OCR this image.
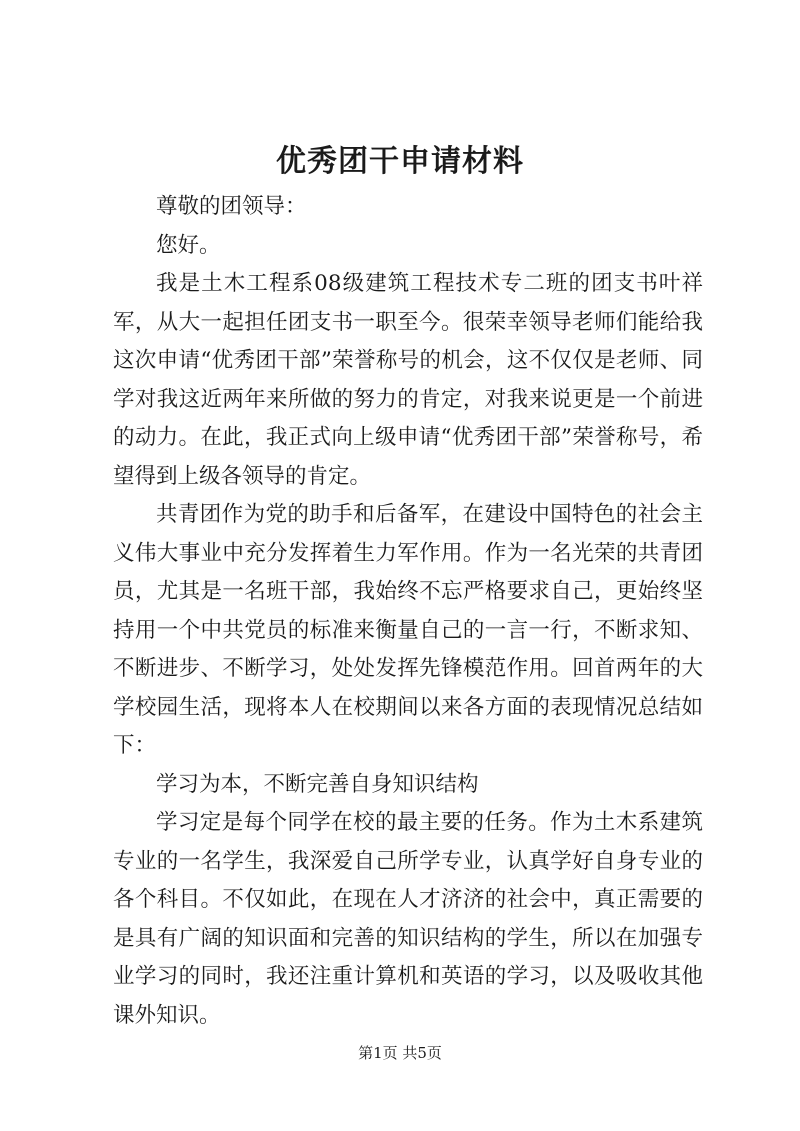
优秀团干申请材料

尊敬的团领导：

您好。

我是土木工程系08级建筑工程技术专二班的团支书叶祥军，从大一起担任团支书一职至今。很荣幸领导老师们能给我这次申请“优秀团干部”荣誉称号的机会，这不仅仅是老师、同学对我这近两年来所做的努力的肯定，对我来说更是一个前进的动力。在此，我正式向上级申请“优秀团干部”荣誉称号，希望得到上级各领导的肯定。

共青团作为党的助手和后备军，在建设中国特色的社会主义伟大事业中充分发挥着生力军作用。作为一名光荣的共青团员，尤其是一名班干部，我始终不忘严格要求自己，更始终坚持用一个中共党员的标准来衡量自己的一言一行，不断求知、不断进步、不断学习，处处发挥先锋模范作用。回首两年的大学校园生活，现将本人在校期间以来各方面的表现情况总结如下：

学习为本，不断完善自身知识结构

学习定是每个同学在校的最主要的任务。作为土木系建筑专业的一名学生，我深爱自己所学专业，认真学好自身专业的各个科目。不仅如此，在现在人才济济的社会中，真正需要的是具有广阔的知识面和完善的知识结构的学生，所以在加强专业学习的同时，我还注重计算机和英语的学习，以及吸收其他课外知识。

第1页 共5页
